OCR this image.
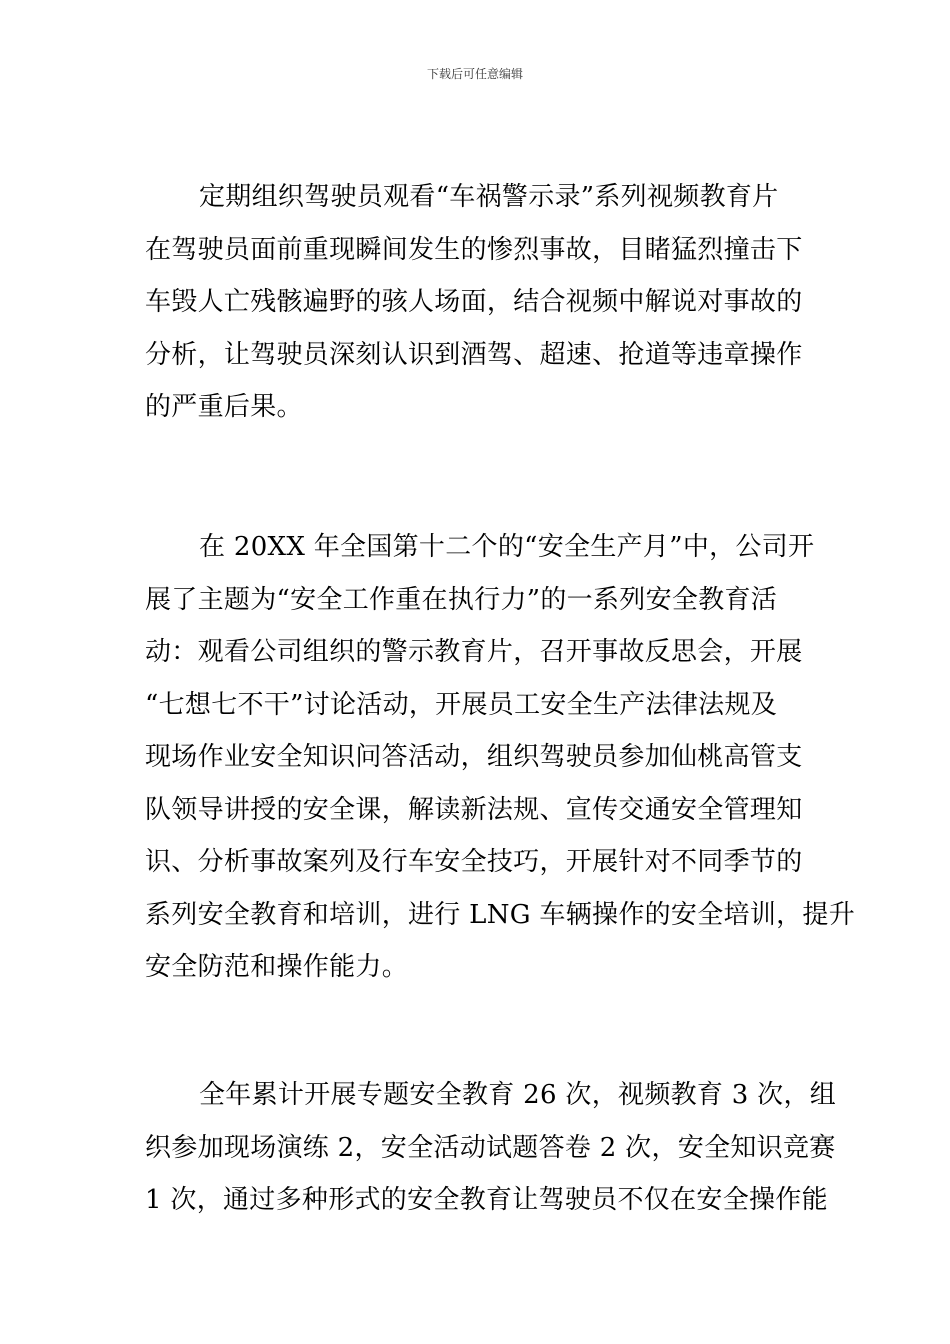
下载后可任意编辑
定期组织驾驶员观看“车祸警示录”系列视频教育片
在驾驶员面前重现瞬间发生的惨烈事故，目睹猛烈撞击下
车毁人亡残骸遍野的骇人场面，结合视频中解说对事故的
分析，让驾驶员深刻认识到酒驾、超速、抢道等违章操作
的严重后果。
在 20XX 年全国第十二个的“安全生产月”中，公司开
展了主题为“安全工作重在执行力”的一系列安全教育活
动：观看公司组织的警示教育片，召开事故反思会，开展
“七想七不干”讨论活动，开展员工安全生产法律法规及
现场作业安全知识问答活动，组织驾驶员参加仙桃高管支
队领导讲授的安全课，解读新法规、宣传交通安全管理知
识、分析事故案列及行车安全技巧，开展针对不同季节的
系列安全教育和培训，进行 LNG 车辆操作的安全培训，提升
安全防范和操作能力。
全年累计开展专题安全教育 26 次，视频教育 3 次，组
织参加现场演练 2，安全活动试题答卷 2 次，安全知识竞赛
1 次，通过多种形式的安全教育让驾驶员不仅在安全操作能
